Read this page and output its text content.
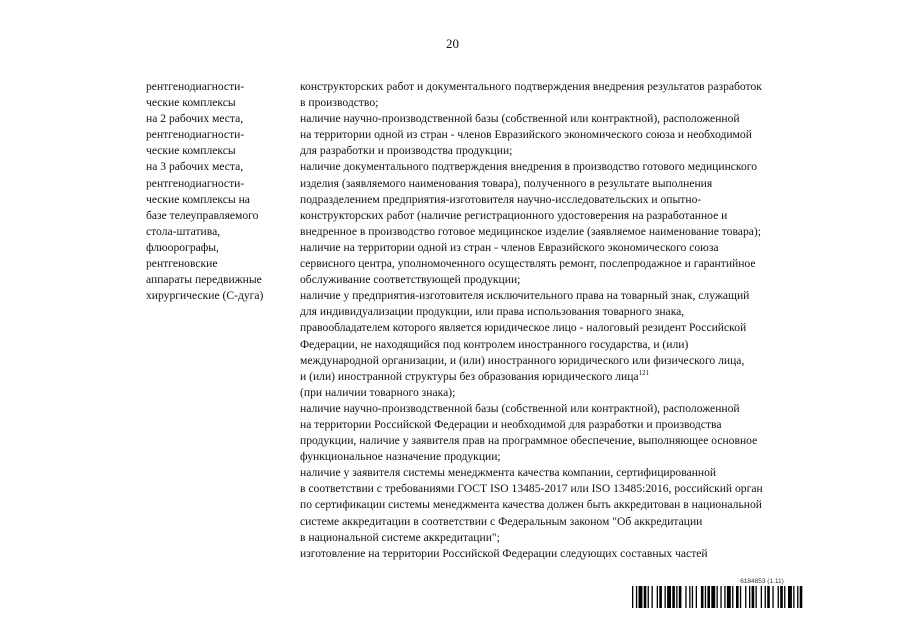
20
рентгенодиагности-
ческие комплексы
на 2 рабочих места,
рентгенодиагности-
ческие комплексы
на 3 рабочих места,
рентгенодиагности-
ческие комплексы на
базе телеуправляемого
стола-штатива,
флюорографы,
рентгеновские
аппараты передвижные
хирургические (С-дуга)
конструкторских работ и документального подтверждения внедрения результатов разработок
в производство;
наличие научно-производственной базы (собственной или контрактной), расположенной
на территории одной из стран - членов Евразийского экономического союза и необходимой
для разработки и производства продукции;
наличие документального подтверждения внедрения в производство готового медицинского
изделия (заявляемого наименования товара), полученного в результате выполнения
подразделением предприятия-изготовителя научно-исследовательских и опытно-
конструкторских работ (наличие регистрационного удостоверения на разработанное и
внедренное в производство готовое медицинское изделие (заявляемое наименование товара);
наличие на территории одной из стран - членов Евразийского экономического союза
сервисного центра, уполномоченного осуществлять ремонт, послепродажное и гарантийное
обслуживание соответствующей продукции;
наличие у предприятия-изготовителя исключительного права на товарный знак, служащий
для индивидуализации продукции, или права использования товарного знака,
правообладателем которого является юридическое лицо - налоговый резидент Российской
Федерации, не находящийся под контролем иностранного государства, и (или)
международной организации, и (или) иностранного юридического или физического лица,
и (или) иностранной структуры без образования юридического лица$^{121}$
(при наличии товарного знака);
наличие научно-производственной базы (собственной или контрактной), расположенной
на территории Российской Федерации и необходимой для разработки и производства
продукции, наличие у заявителя прав на программное обеспечение, выполняющее основное
функциональное назначение продукции;
наличие у заявителя системы менеджмента качества компании, сертифицированной
в соответствии с требованиями ГОСТ ISO 13485-2017 или ISO 13485:2016, российский орган
по сертификации системы менеджмента качества должен быть аккредитован в национальной
системе аккредитации в соответствии с Федеральным законом "Об аккредитации
в национальной системе аккредитации";
изготовление на территории Российской Федерации следующих составных частей
6184853 (1.11)
